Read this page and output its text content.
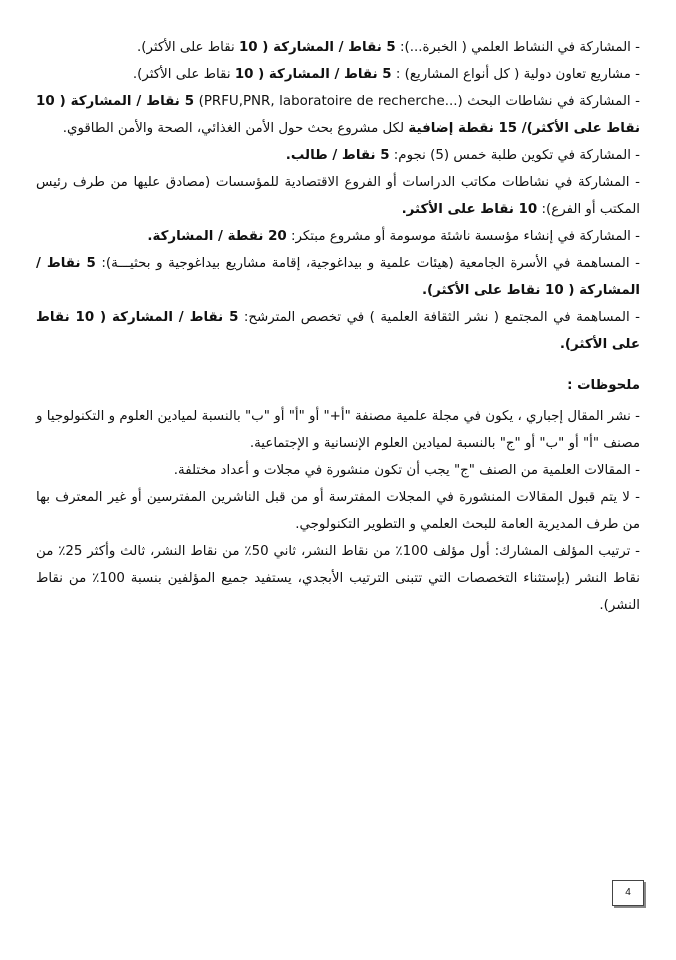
- المشاركة في النشاط العلمي ( الخبرة...): 5 نقاط / المشاركة ( 10 نقاط على الأكثر).
- مشاريع تعاون دولية ( كل أنواع المشاريع) : 5 نقاط / المشاركة ( 10 نقاط على الأكثر).
- المشاركة في نشاطات البحث (...PRFU,PNR, laboratoire de recherche) 5 نقاط / المشاركة ( 10 نقاط على الأكثر)/ 15 نقطة إضافية لكل مشروع بحث حول الأمن الغذائي، الصحة والأمن الطاقوي.
- المشاركة في تكوين طلبة خمس (5) نجوم: 5 نقاط / طالب.
- المشاركة في نشاطات مكاتب الدراسات أو الفروع الاقتصادية للمؤسسات (مصادق عليها من طرف رئيس المكتب أو الفرع): 10 نقاط على الأكثر.
- المشاركة في إنشاء مؤسسة ناشئة موسومة أو مشروع مبتكر: 20 نقطة / المشاركة.
- المساهمة في الأسرة الجامعية (هيئات علمية و بيداغوجية، إقامة مشاريع بيداغوجية و بحثيـــة): 5 نقاط / المشاركة ( 10 نقاط على الأكثر).
- المساهمة في المجتمع ( نشر الثقافة العلمية ) في تخصص المترشح: 5 نقاط / المشاركة ( 10 نقاط على الأكثر).
ملحوظات :
- نشر المقال إجباري ، يكون في مجلة علمية مصنفة "أ+" أو "أ" أو "ب" بالنسبة لميادين العلوم و التكنولوجيا و مصنف "أ" أو "ب" أو "ج" بالنسبة لميادين العلوم الإنسانية و الإجتماعية.
- المقالات العلمية من الصنف "ج" يجب أن تكون منشورة في مجلات و أعداد مختلفة.
- لا يتم قبول المقالات المنشورة في المجلات المفترسة أو من قبل الناشرين المفترسين أو غير المعترف بها من طرف المديرية العامة للبحث العلمي و التطوير التكنولوجي.
- ترتيب المؤلف المشارك: أول مؤلف 100٪ من نقاط النشر، ثاني 50٪ من نقاط النشر، ثالث وأكثر 25٪ من نقاط النشر (بإستثناء التخصصات التي تتبنى الترتيب الأبجدي، يستفيد جميع المؤلفين بنسبة 100٪ من نقاط النشر).
4
